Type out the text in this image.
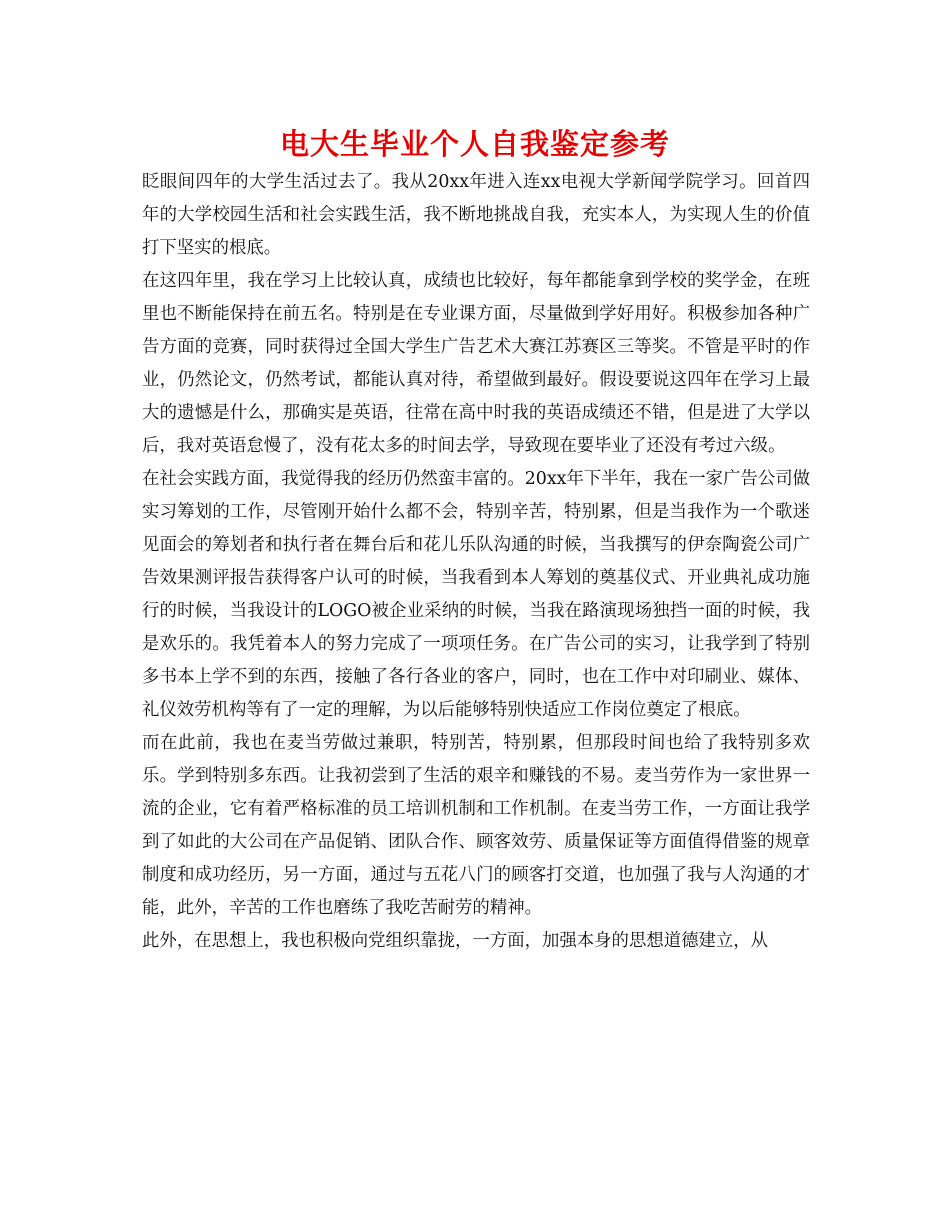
电大生毕业个人自我鉴定参考

眨眼间四年的大学生活过去了。我从20xx年进入连xx电视大学新闻学院学习。回首四年的大学校园生活和社会实践生活，我不断地挑战自我，充实本人，为实现人生的价值打下坚实的根底。

在这四年里，我在学习上比较认真，成绩也比较好，每年都能拿到学校的奖学金，在班里也不断能保持在前五名。特别是在专业课方面，尽量做到学好用好。积极参加各种广告方面的竞赛，同时获得过全国大学生广告艺术大赛江苏赛区三等奖。不管是平时的作业，仍然论文，仍然考试，都能认真对待，希望做到最好。假设要说这四年在学习上最大的遗憾是什么，那确实是英语，往常在高中时我的英语成绩还不错，但是进了大学以后，我对英语怠慢了，没有花太多的时间去学，导致现在要毕业了还没有考过六级。

在社会实践方面，我觉得我的经历仍然蛮丰富的。20xx年下半年，我在一家广告公司做实习筹划的工作，尽管刚开始什么都不会，特别辛苦，特别累，但是当我作为一个歌迷见面会的筹划者和执行者在舞台后和花儿乐队沟通的时候，当我撰写的伊奈陶瓷公司广告效果测评报告获得客户认可的时候，当我看到本人筹划的奠基仪式、开业典礼成功施行的时候，当我设计的LOGO被企业采纳的时候，当我在路演现场独挡一面的时候，我是欢乐的。我凭着本人的努力完成了一项项任务。在广告公司的实习，让我学到了特别多书本上学不到的东西，接触了各行各业的客户，同时，也在工作中对印刷业、媒体、礼仪效劳机构等有了一定的理解，为以后能够特别快适应工作岗位奠定了根底。

而在此前，我也在麦当劳做过兼职，特别苦，特别累，但那段时间也给了我特别多欢乐。学到特别多东西。让我初尝到了生活的艰辛和赚钱的不易。麦当劳作为一家世界一流的企业，它有着严格标准的员工培训机制和工作机制。在麦当劳工作，一方面让我学到了如此的大公司在产品促销、团队合作、顾客效劳、质量保证等方面值得借鉴的规章制度和成功经历，另一方面，通过与五花八门的顾客打交道，也加强了我与人沟通的才能，此外，辛苦的工作也磨练了我吃苦耐劳的精神。

此外，在思想上，我也积极向党组织靠拢，一方面，加强本身的思想道德建立，从
